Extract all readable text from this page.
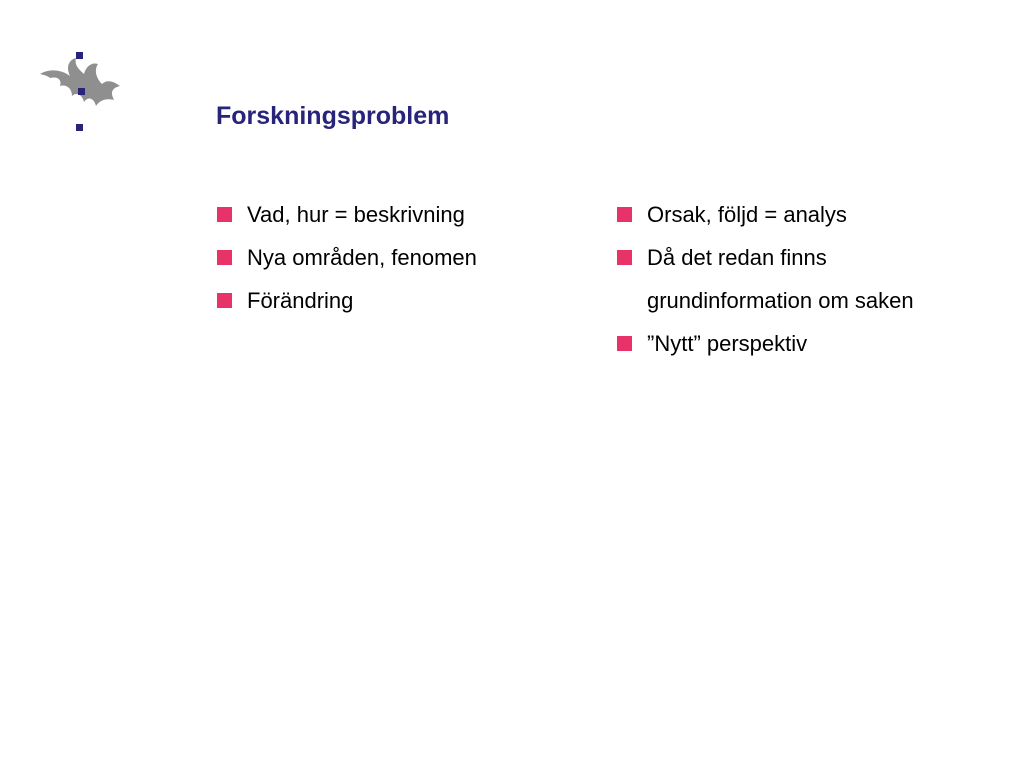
Forskningsproblem
Vad, hur = beskrivning
Nya områden, fenomen
Förändring
Orsak, följd = analys
Då det redan finns grundinformation om saken
”Nytt” perspektiv
